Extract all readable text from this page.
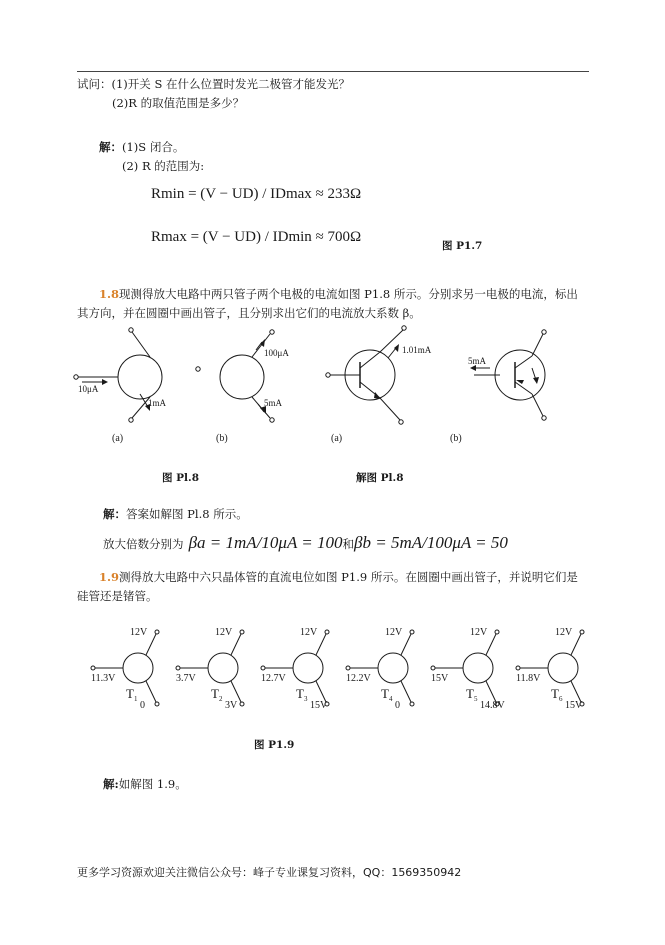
试问：(1)开关 S 在什么位置时发光二极管才能发光？
(2)R 的取值范围是多少？
解：(1)S 闭合。
(2) R 的范围为:
Rmin = (V − UD) / IDmax ≈ 233Ω
Rmax = (V − UD) / IDmin ≈ 700Ω
图 P1.7
1.8现测得放大电路中两只管子两个电极的电流如图 P1.8 所示。分别求另一电极的电流，标出
其方向，并在圆圈中画出管子，且分别求出它们的电流放大系数 β。
10μA
1mA
100μA
5mA
1.01mA
5mA
(a)	(b)	(a)	(b)
图 Pl.8	解图 Pl.8
解：答案如解图 Pl.8 所示。
放大倍数分别为 βa = 1mA/10μA = 100和βb = 5mA/100μA = 50
1.9测得放大电路中六只晶体管的直流电位如图 P1.9 所示。在圆圈中画出管子，并说明它们是
硅管还是锗管。
11.3V
12V
0
$T_1$
3.7V
12V
3V
$T_2$
12.7V
12V
15V
$T_3$
12.2V
12V
0
$T_4$
15V
12V
14.8V
$T_5$
11.8V
12V
15V
$T_6$
图 P1.9
解:如解图 1.9。
更多学习资源欢迎关注微信公众号：峰子专业课复习资料，QQ：1569350942
